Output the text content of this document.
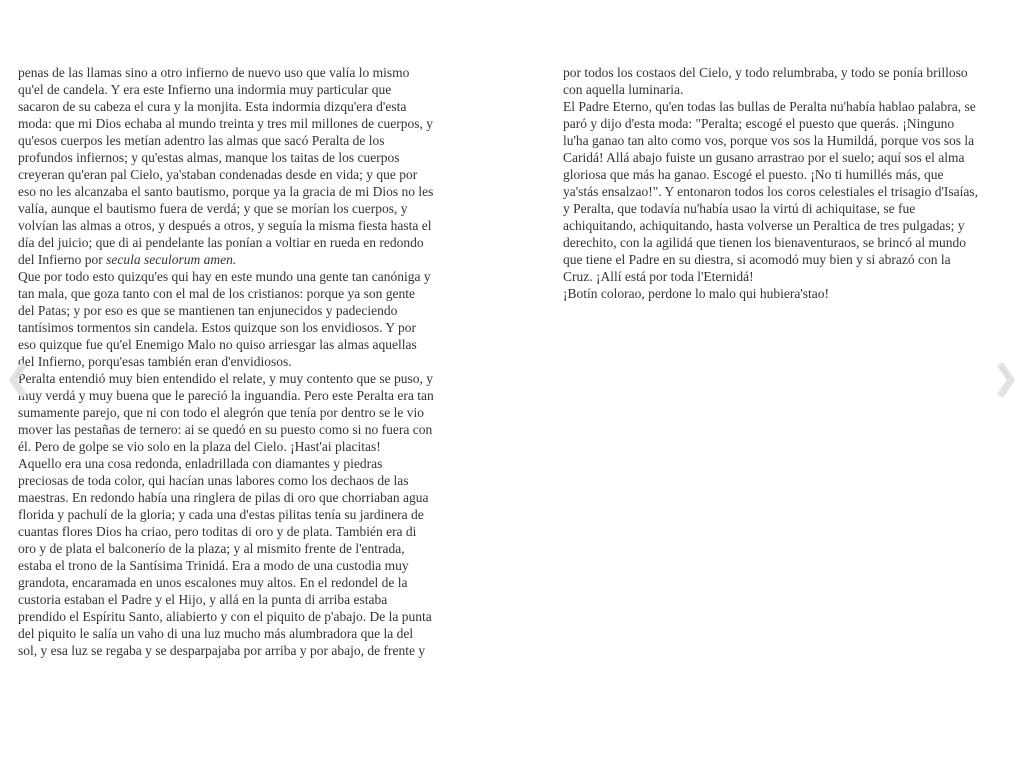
penas de las llamas sino a otro infierno de nuevo uso que valía lo mismo
qu'el de candela. Y era este Infierno una indormia muy particular que
sacaron de su cabeza el cura y la monjita. Esta indormia dizqu'era d'esta
moda: que mi Dios echaba al mundo treinta y tres mil millones de cuerpos, y
qu'esos cuerpos les metían adentro las almas que sacó Peralta de los
profundos infiernos; y qu'estas almas, manque los taitas de los cuerpos
creyeran qu'eran pal Cielo, ya'staban condenadas desde en vida; y que por
eso no les alcanzaba el santo bautismo, porque ya la gracia de mi Dios no les
valía, aunque el bautismo fuera de verdá; y que se morían los cuerpos, y
volvían las almas a otros, y después a otros, y seguía la misma fiesta hasta el
día del juicio; que di ai pendelante las ponían a voltiar en rueda en redondo
del Infierno por secula seculorum amen.
Que por todo esto quizqu'es qui hay en este mundo una gente tan canóniga y
tan mala, que goza tanto con el mal de los cristianos: porque ya son gente
del Patas; y por eso es que se mantienen tan enjunecidos y padeciendo
tantísimos tormentos sin candela. Estos quizque son los envidiosos. Y por
eso quizque fue qu'el Enemigo Malo no quiso arriesgar las almas aquellas
del Infierno, porqu'esas también eran d'envidiosos.
Peralta entendió muy bien entendido el relate, y muy contento que se puso, y
muy verdá y muy buena que le pareció la inguandia. Pero este Peralta era tan
sumamente parejo, que ni con todo el alegrón que tenía por dentro se le vio
mover las pestañas de ternero: ai se quedó en su puesto como si no fuera con
él. Pero de golpe se vio solo en la plaza del Cielo. ¡Hast'ai placitas!
Aquello era una cosa redonda, enladrillada con diamantes y piedras
preciosas de toda color, qui hacían unas labores como los dechaos de las
maestras. En redondo había una ringlera de pilas di oro que chorriaban agua
florida y pachulí de la gloria; y cada una d'estas pilitas tenía su jardinera de
cuantas flores Dios ha criao, pero toditas di oro y de plata. También era di
oro y de plata el balconerío de la plaza; y al mismito frente de l'entrada,
estaba el trono de la Santísima Trinidá. Era a modo de una custodia muy
grandota, encaramada en unos escalones muy altos. En el redondel de la
custoria estaban el Padre y el Hijo, y allá en la punta di arriba estaba
prendido el Espíritu Santo, aliabierto y con el piquito de p'abajo. De la punta
del piquito le salía un vaho di una luz mucho más alumbradora que la del
sol, y esa luz se regaba y se desparpajaba por arriba y por abajo, de frente y
por todos los costaos del Cielo, y todo relumbraba, y todo se ponía brilloso
con aquella luminaria.
El Padre Eterno, qu'en todas las bullas de Peralta nu'había hablao palabra, se
paró y dijo d'esta moda: "Peralta; escogé el puesto que querás. ¡Ninguno
lu'ha ganao tan alto como vos, porque vos sos la Humildá, porque vos sos la
Caridá! Allá abajo fuiste un gusano arrastrao por el suelo; aquí sos el alma
gloriosa que más ha ganao. Escogé el puesto. ¡No ti humillés más, que
ya'stás ensalzao!". Y entonaron todos los coros celestiales el trisagio d'Isaías,
y Peralta, que todavía nu'había usao la virtú di achiquitase, se fue
achiquitando, achiquitando, hasta volverse un Peraltica de tres pulgadas; y
derechito, con la agilidá que tienen los bienaventuraos, se brincó al mundo
que tiene el Padre en su diestra, si acomodó muy bien y si abrazó con la
Cruz. ¡Allí está por toda l'Eternidá!
¡Botín colorao, perdone lo malo qui hubiera'stao!
